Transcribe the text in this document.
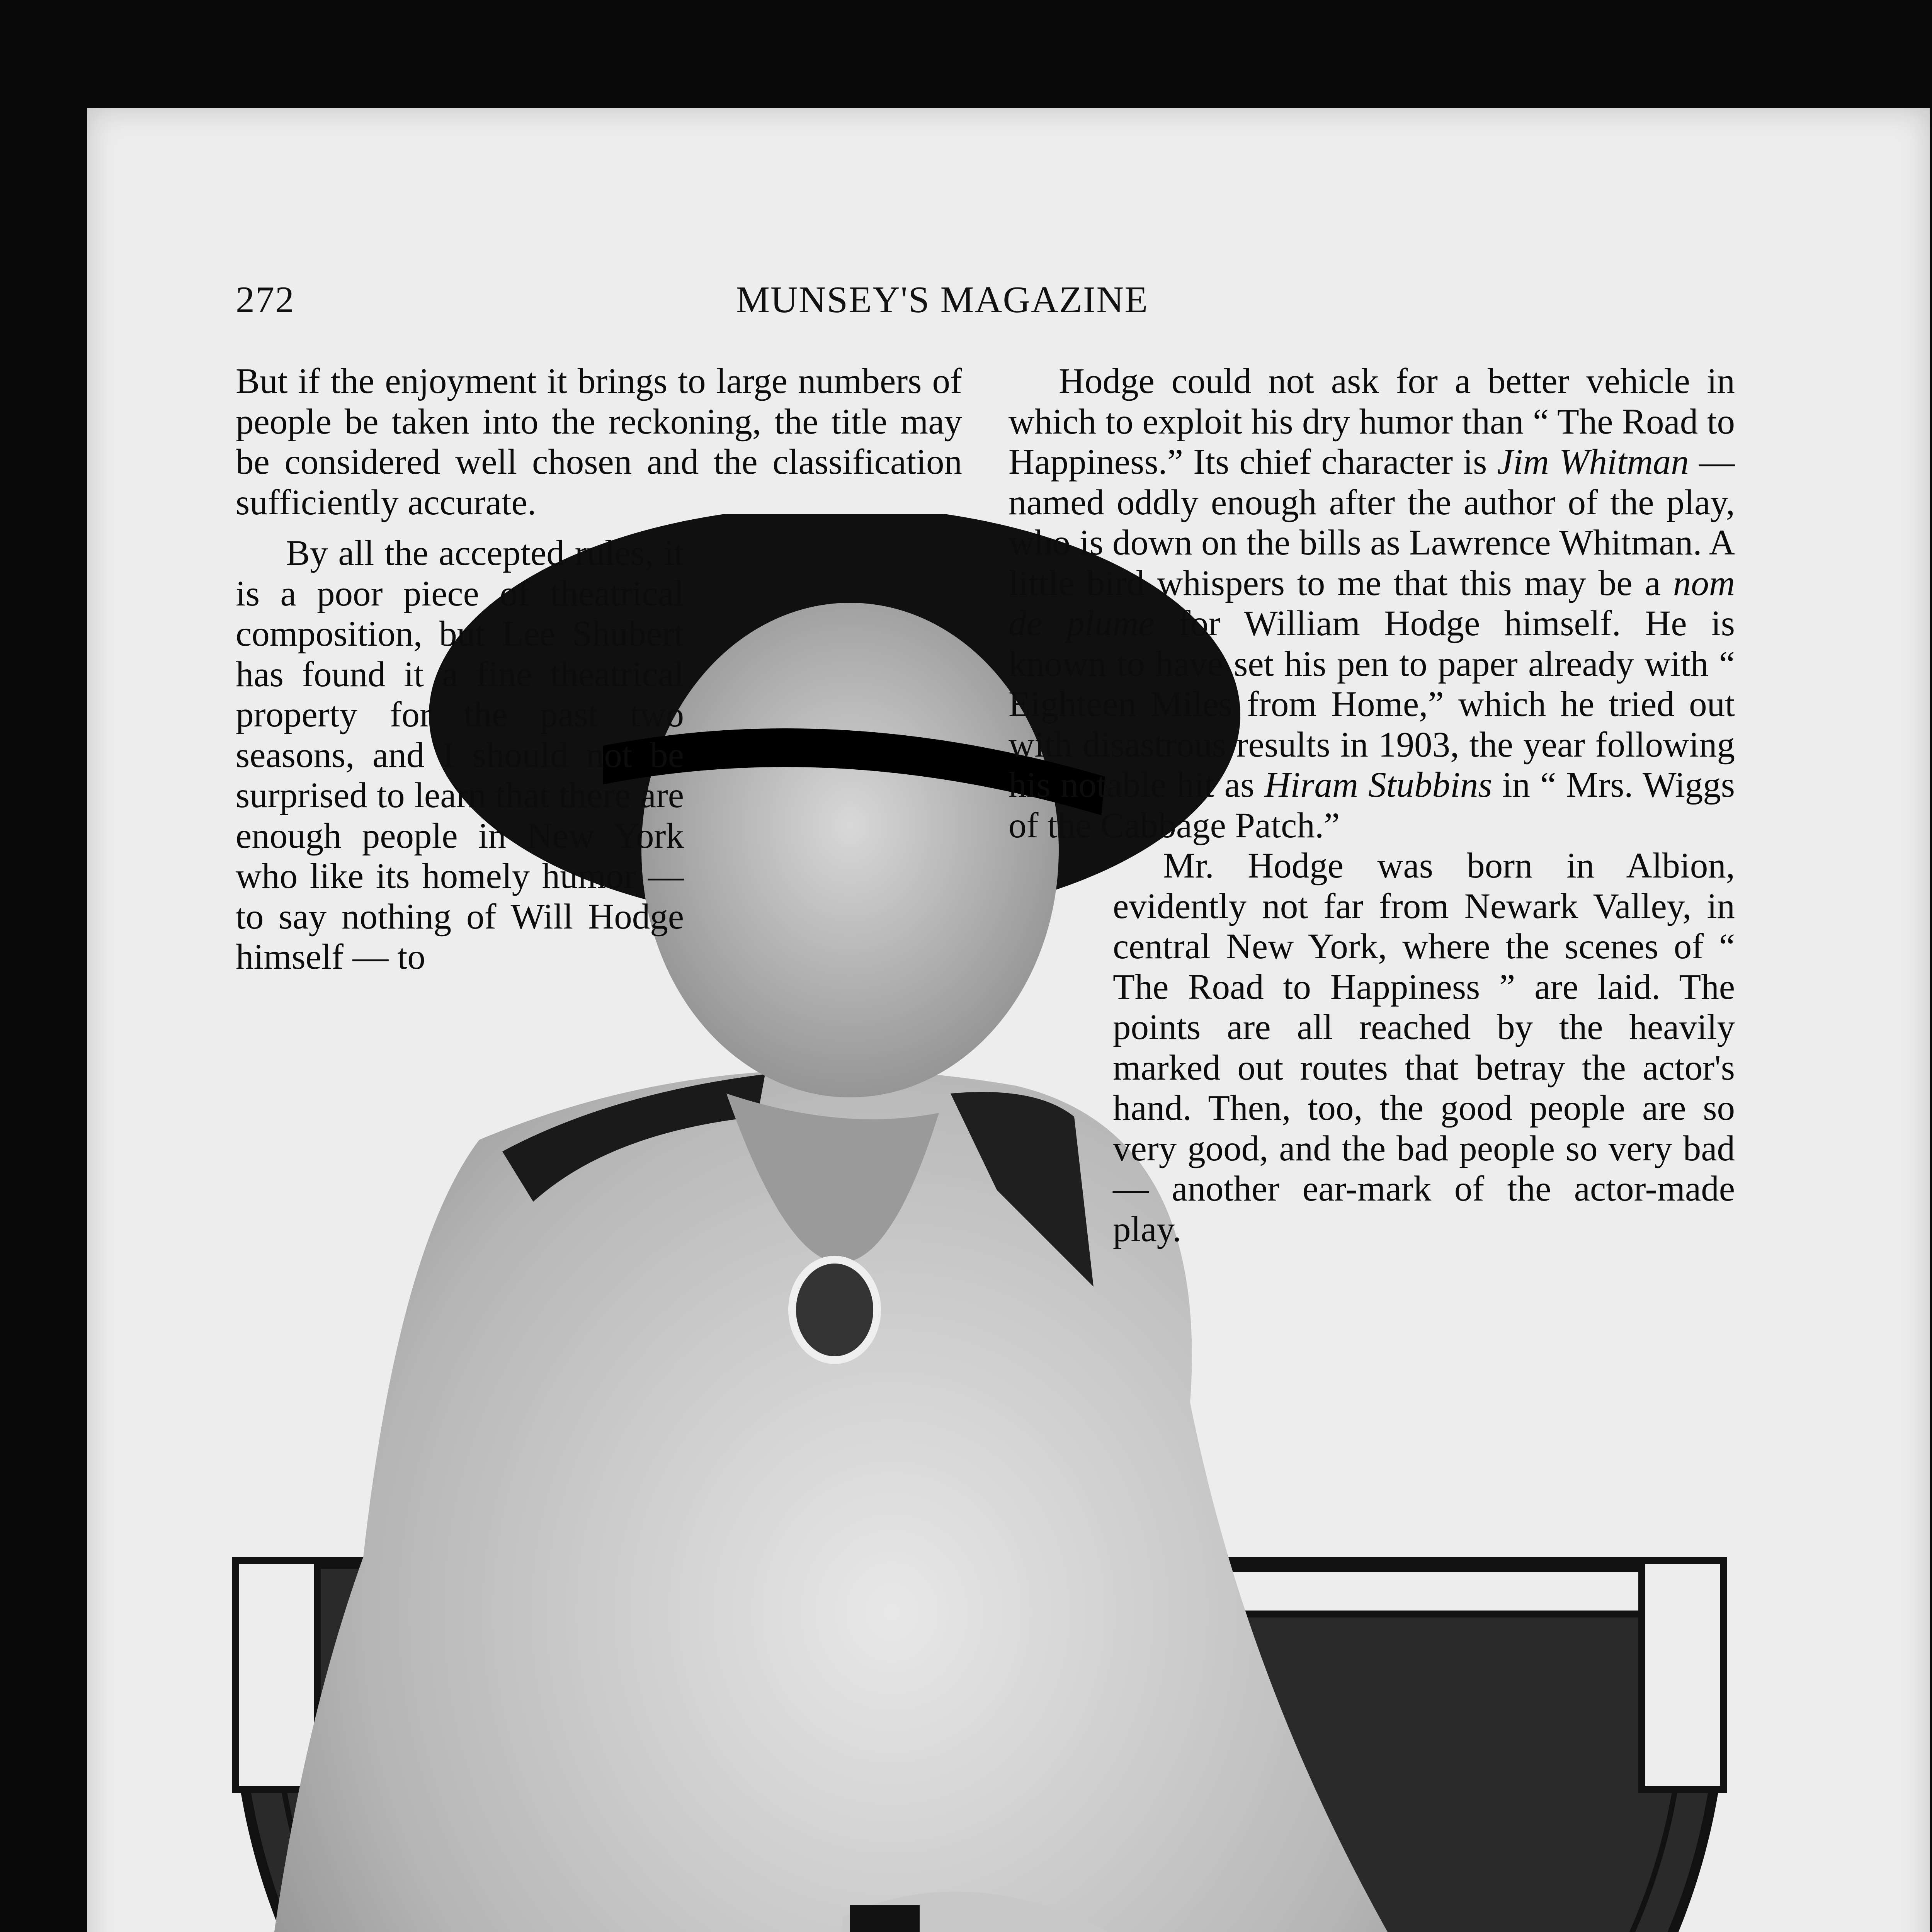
272	MUNSEY'S MAGAZINE

But if the enjoyment it brings to large numbers of people be taken into the reckoning, the title may be considered well chosen and the classification sufficiently accurate.

By all the accepted rules, it is a poor piece of theatrical composition, but Lee Shubert has found it a fine theatrical property for the past two seasons, and I should not be surprised to learn that there are enough people in New York who like its homely humor — to say nothing of Will Hodge himself — to

Hodge could not ask for a better vehicle in which to exploit his dry humor than “ The Road to Happiness.” Its chief character is Jim Whitman — named oddly enough after the author of the play, who is down on the bills as Lawrence Whitman. A little bird whispers to me that this may be a nom de plume for William Hodge himself. He is known to have set his pen to paper already with “ Eighteen Miles from Home,” which he tried out with disastrous results in 1903, the year following his notable hit as Hiram Stubbins in “ Mrs. Wiggs of the Cabbage Patch.”

Mr. Hodge was born in Albion, evidently not far from Newark Valley, in central New York, where the scenes of “ The Road to Happiness ” are laid. The points are all reached by the heavily marked out routes that betray the actor's hand. Then, too, the good people are so very good, and the bad people so very bad — another ear-mark of the actor-made play.
